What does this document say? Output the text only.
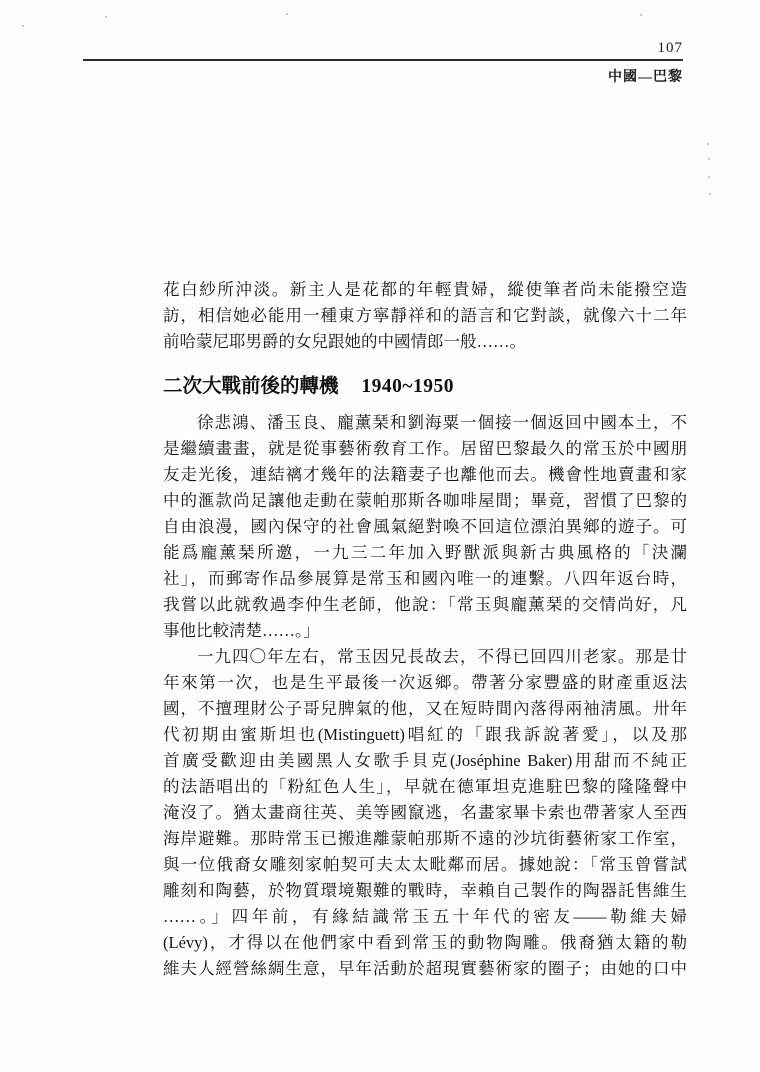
107
中國—巴黎
花白紗所沖淡。新主人是花都的年輕貴婦，縱使筆者尚未能撥空造
訪，相信她必能用一種東方寧靜祥和的語言和它對談，就像六十二年
前哈蒙尼耶男爵的女兒跟她的中國情郎一般……。
二次大戰前後的轉機 1940~1950
徐悲鴻、潘玉良、龐薰琹和劉海粟一個接一個返回中國本土，不
是繼續畫畫，就是從事藝術敎育工作。居留巴黎最久的常玉於中國朋
友走光後，連結褵才幾年的法籍妻子也離他而去。機會性地賣畫和家
中的滙款尚足讓他走動在蒙帕那斯各咖啡屋間；畢竟，習慣了巴黎的
自由浪漫，國內保守的社會風氣絕對喚不回這位漂泊異鄉的遊子。可
能爲龐薰琹所邀，一九三二年加入野獸派與新古典風格的「決瀾
社」，而郵寄作品參展算是常玉和國內唯一的連繫。八四年返台時，
我嘗以此就敎過李仲生老師，他說：「常玉與龐薰琹的交情尚好，凡
事他比較淸楚……。」
一九四〇年左右，常玉因兄長故去，不得已回四川老家。那是廿
年來第一次，也是生平最後一次返鄉。帶著分家豐盛的財產重返法
國，不擅理財公子哥兒脾氣的他，又在短時間內落得兩袖淸風。卅年
代初期由蜜斯坦也(Mistinguett)唱紅的「跟我訴說著愛」，以及那
首廣受歡迎由美國黑人女歌手貝克(Joséphine Baker)用甜而不純正
的法語唱出的「粉紅色人生」，早就在德軍坦克進駐巴黎的隆隆聲中
淹沒了。猶太畫商往英、美等國竄逃，名畫家畢卡索也帶著家人至西
海岸避難。那時常玉已搬進離蒙帕那斯不遠的沙坑街藝術家工作室，
與一位俄裔女雕刻家帕契可夫太太毗鄰而居。據她說：「常玉曾嘗試
雕刻和陶藝，於物質環境艱難的戰時，幸賴自己製作的陶器託售維生
……。」四年前，有緣結識常玉五十年代的密友——勒維夫婦
(Lévy)，才得以在他們家中看到常玉的動物陶雕。俄裔猶太籍的勒
維夫人經營絲綢生意，早年活動於超現實藝術家的圈子；由她的口中
